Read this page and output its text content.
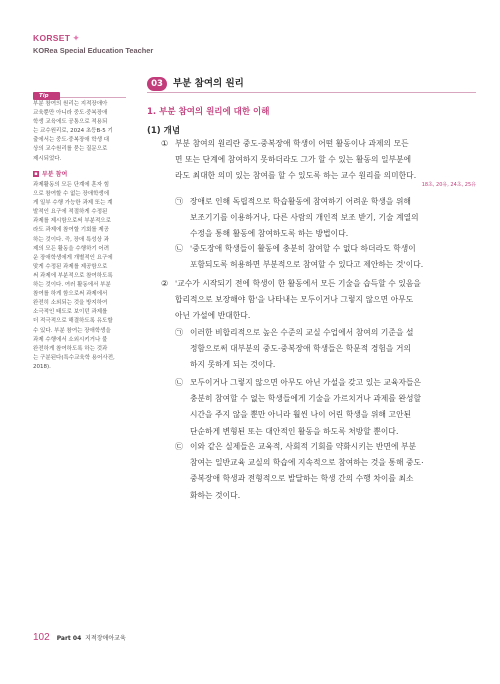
KORSET ✦
KORea Special Education Teacher
Tip
부분 참여의 원리는 지적장애아
교육뿐만 아니라 중도·중복장애
학생 교육에도 공통으로 적용되
는 교수원리로, 2024 초등B-5 기
출에서는 중도·중복장애 학생 대
상의 교수원리를 묻는 질문으로
제시되었다.
▪ 부분 참여
과제활동의 모든 단계에 혼자 힘
으로 참여할 수 없는 장애학생에
게 일부 수행 가능한 과제 또는 계
발적인 요구에 적절하게 수정된
과제를 제시함으로써 부분적으로
라도 과제에 참여할 기회를 제공
하는 것이다. 즉, 장애 특성상 과
제의 모든 활동을 수행하기 어려
운 장애학생에게 개별적인 요구에
맞게 수정된 과제를 제공함으로
써 과제에 부분적으로 참여하도록
하는 것이다. 여러 활동에서 부분
참여를 하게 함으로써 과제에서
완전히 소외되는 것을 방지하여
소극적인 태도로 보이던 과제를
더 적극적으로 해결하도록 유도할
수 있다. 부분 참여는 장애학생을
과제 수행에서 소외시키거나 불
완전하게 참여하도록 하는 것과
는 구분된다(특수교육학 용어사전,
2018).
03	부분 참여의 원리
1. 부분 참여의 원리에 대한 이해
(1) 개념
① 부분 참여의 원리란 중도·중복장애 학생이 어떤 활동이나 과제의 모든
면 또는 단계에 참여하지 못하더라도 그가 할 수 있는 활동의 일부분에
라도 최대한 의미 있는 참여를 할 수 있도록 하는 교수 원리를 의미한다.
18초, 20유, 24초, 25유
㉠ 장애로 인해 독립적으로 학습활동에 참여하기 어려운 학생을 위해
보조기기를 이용하거나, 다른 사람의 개인적 보조 받기, 기술 계열의
수정을 통해 활동에 참여하도록 하는 방법이다.
㉡ '중도장애 학생들이 활동에 충분히 참여할 수 없다 하더라도 학생이
포함되도록 허용하면 부분적으로 참여할 수 있다고 제안하는 것'이다.
② '교수가 시작되기 전에 학생이 한 활동에서 모든 기술을 습득할 수 있음을
합리적으로 보장해야 함'을 나타내는 모두이거나 그렇지 않으면 아무도
아닌 가설에 반대한다.
㉠ 이러한 비합리적으로 높은 수준의 교실 수업에서 참여의 기준을 설
정함으로써 대부분의 중도·중복장애 학생들은 학문적 경험을 거의
하지 못하게 되는 것이다.
㉡ 모두이거나 그렇지 않으면 아무도 아닌 가설을 갖고 있는 교육자들은
충분히 참여할 수 없는 학생들에게 기술을 가르치거나 과제를 완성할
시간을 주지 않을 뿐만 아니라 훨씬 나이 어린 학생을 위해 고안된
단순하게 변형된 또는 대안적인 활동을 하도록 처방할 뿐이다.
㉢ 이와 같은 실제들은 교육적, 사회적 기회를 약화시키는 반면에 부분
참여는 일반교육 교실의 학습에 지속적으로 참여하는 것을 통해 중도·
중복장애 학생과 전형적으로 발달하는 학생 간의 수행 차이를 최소
화하는 것이다.
102 Part 04 지적장애아교육
